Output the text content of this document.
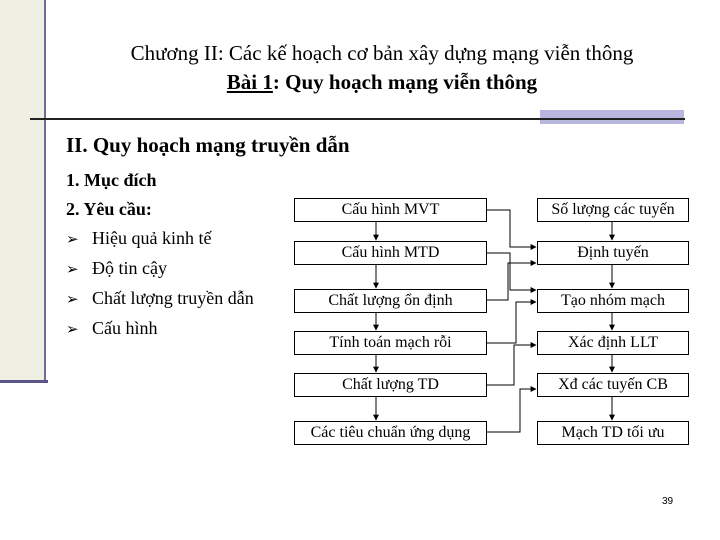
Chương II: Các kế hoạch cơ bản xây dựng mạng viễn thông
Bài 1: Quy hoạch mạng viễn thông
II. Quy hoạch mạng truyền dẫn
1. Mục đích
2. Yêu cầu:
➢ Hiệu quả kinh tế
➢ Độ tin cậy
➢ Chất lượng truyền dẫn
➢ Cấu hình
Cấu hình MVT
Cấu hình MTD
Chất lượng ổn định
Tính toán mạch rỗi
Chất lượng TD
Các tiêu chuẩn ứng dụng
Số lượng các tuyến
Định tuyến
Tạo nhóm mạch
Xác định LLT
Xđ các tuyến CB
Mạch TD tối ưu
39
